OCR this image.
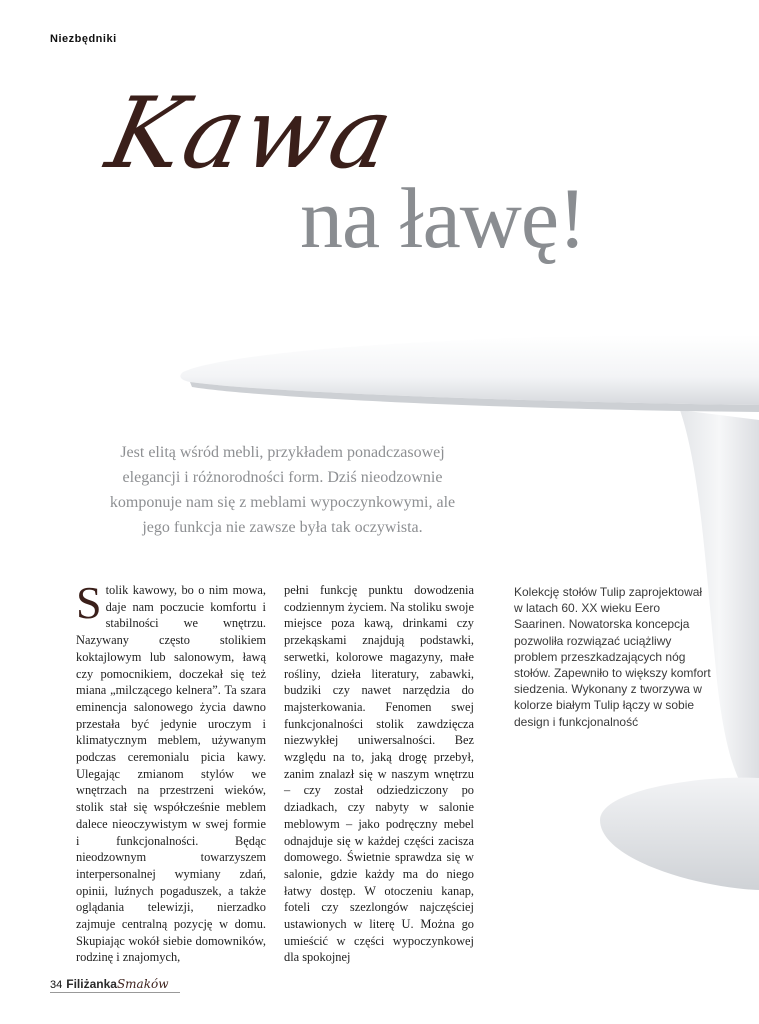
Niezbędniki
Kawa
na ławę!
Jest elitą wśród mebli, przykładem ponadczasowej elegancji i różnorodności form. Dziś nieodzownie komponuje nam się z meblami wypoczynkowymi, ale jego funkcja nie zawsze była tak oczywista.
Stolik kawowy, bo o nim mowa, daje nam poczucie komfortu i stabilności we wnętrzu. Nazywany często stolikiem koktajlowym lub salonowym, ławą czy pomocnikiem, doczekał się też miana „milczącego kelnera”. Ta szara eminencja salonowego życia dawno przestała być jedynie uroczym i klimatycznym meblem, używanym podczas ceremonialu picia kawy. Ulegając zmianom stylów we wnętrzach na przestrzeni wieków, stolik stał się współcześnie meblem dalece nieoczywistym w swej formie i funkcjonalności. Będąc nieodzownym towarzyszem interpersonalnej wymiany zdań, opinii, luźnych pogaduszek, a także oglądania telewizji, nierzadko zajmuje centralną pozycję w domu. Skupiając wokół siebie domowników, rodzinę i znajomych,
pełni funkcję punktu dowodzenia codziennym życiem. Na stoliku swoje miejsce poza kawą, drinkami czy przekąskami znajdują podstawki, serwetki, kolorowe magazyny, małe rośliny, dzieła literatury, zabawki, budziki czy nawet narzędzia do majsterkowania. Fenomen swej funkcjonalności stolik zawdzięcza niezwykłej uniwersalności. Bez względu na to, jaką drogę przebył, zanim znalazł się w naszym wnętrzu – czy został odziedziczony po dziadkach, czy nabyty w salonie meblowym – jako podręczny mebel odnajduje się w każdej części zacisza domowego. Świetnie sprawdza się w salonie, gdzie każdy ma do niego łatwy dostęp. W otoczeniu kanap, foteli czy szezlongów najczęściej ustawionych w literę U. Można go umieścić w części wypoczynkowej dla spokojnej
Kolekcję stołów Tulip zaprojektował w latach 60. XX wieku Eero Saarinen. Nowatorska koncepcja pozwoliła rozwiązać uciążliwy problem przeszkadzających nóg stołów. Zapewniło to większy komfort siedzenia. Wykonany z tworzywa w kolorze białym Tulip łączy w sobie design i funkcjonalność
34 Filiżanka Smaków
